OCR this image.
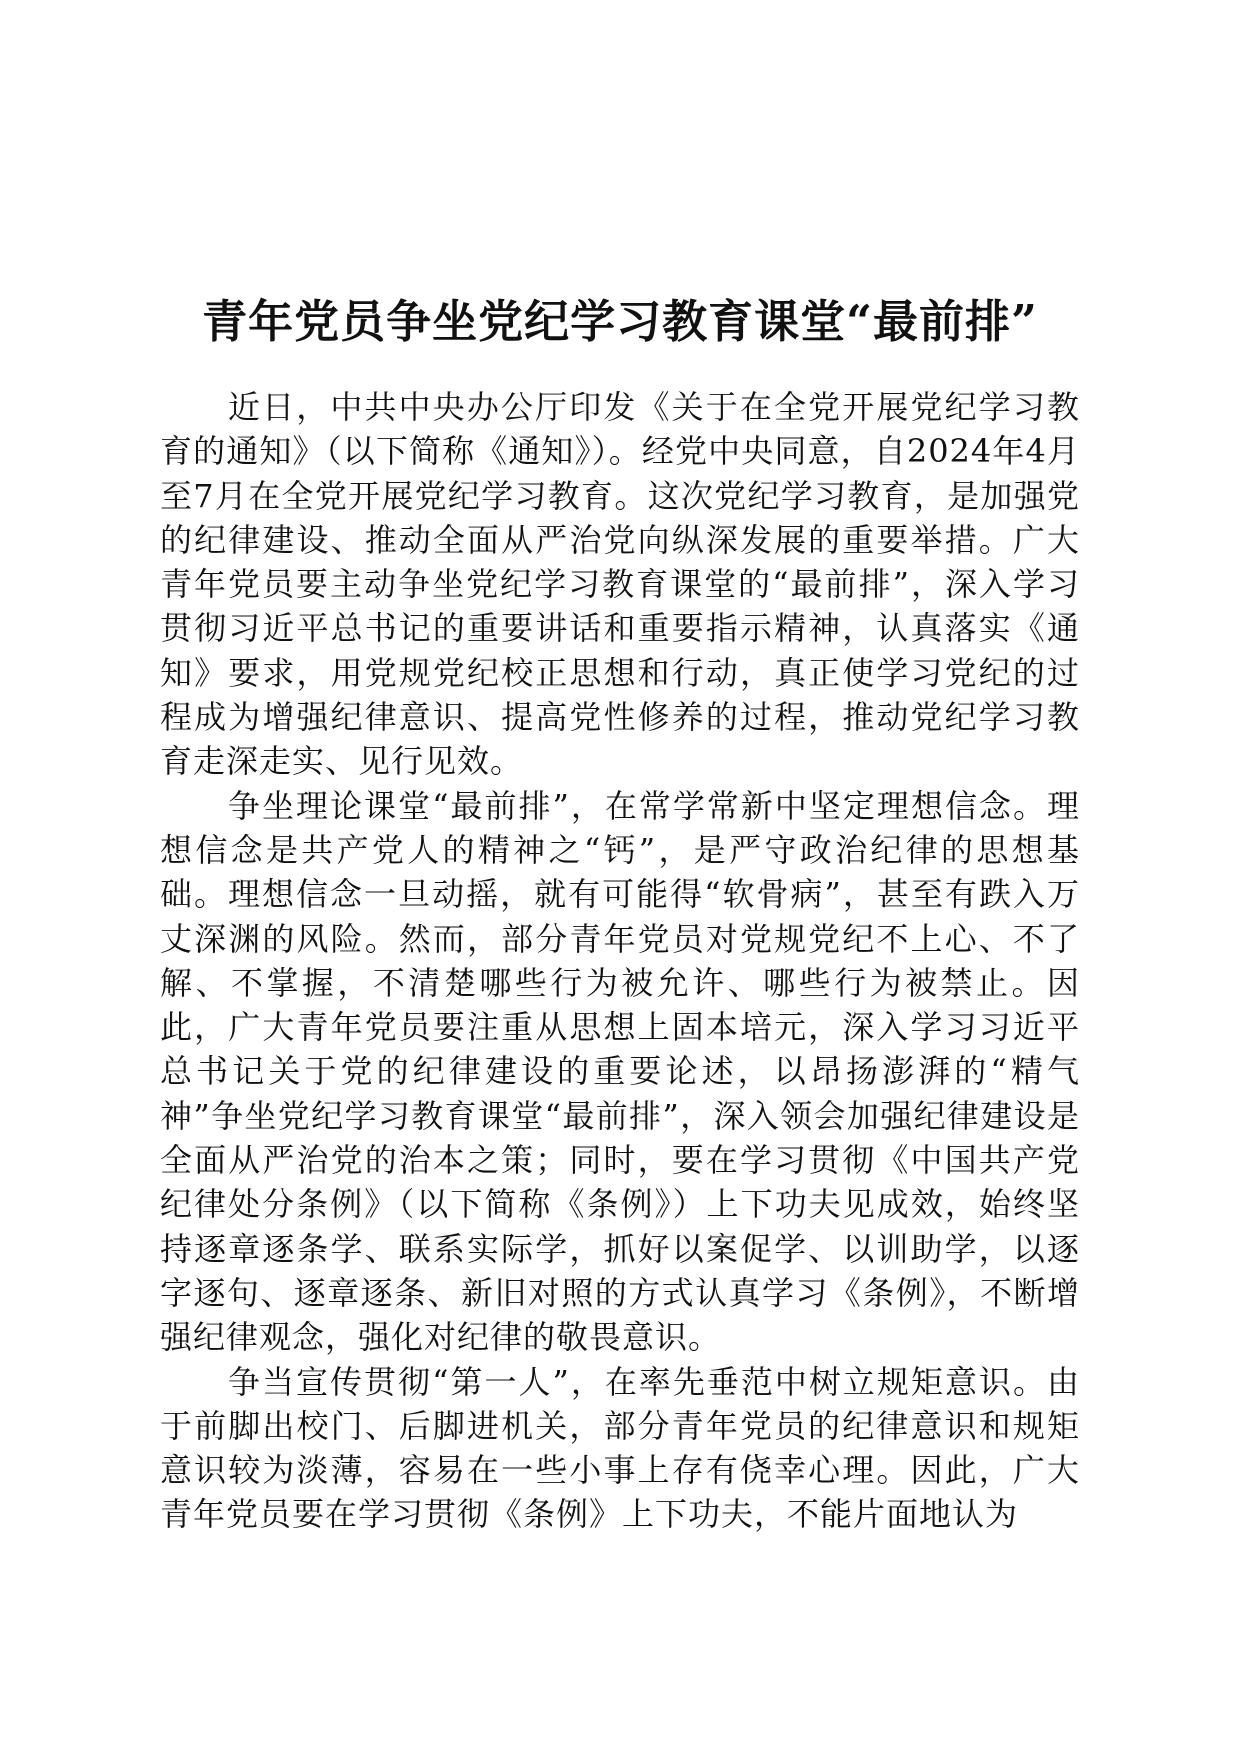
青年党员争坐党纪学习教育课堂“最前排”

近日，中共中央办公厅印发《关于在全党开展党纪学习教育的通知》（以下简称《通知》）。经党中央同意，自2024年4月至7月在全党开展党纪学习教育。这次党纪学习教育，是加强党的纪律建设、推动全面从严治党向纵深发展的重要举措。广大青年党员要主动争坐党纪学习教育课堂的“最前排”，深入学习贯彻习近平总书记的重要讲话和重要指示精神，认真落实《通知》要求，用党规党纪校正思想和行动，真正使学习党纪的过程成为增强纪律意识、提高党性修养的过程，推动党纪学习教育走深走实、见行见效。

争坐理论课堂“最前排”，在常学常新中坚定理想信念。理想信念是共产党人的精神之“钙”，是严守政治纪律的思想基础。理想信念一旦动摇，就有可能得“软骨病”，甚至有跌入万丈深渊的风险。然而，部分青年党员对党规党纪不上心、不了解、不掌握，不清楚哪些行为被允许、哪些行为被禁止。因此，广大青年党员要注重从思想上固本培元，深入学习习近平总书记关于党的纪律建设的重要论述，以昂扬澎湃的“精气神”争坐党纪学习教育课堂“最前排”，深入领会加强纪律建设是全面从严治党的治本之策；同时，要在学习贯彻《中国共产党纪律处分条例》（以下简称《条例》）上下功夫见成效，始终坚持逐章逐条学、联系实际学，抓好以案促学、以训助学，以逐字逐句、逐章逐条、新旧对照的方式认真学习《条例》，不断增强纪律观念，强化对纪律的敬畏意识。

争当宣传贯彻“第一人”，在率先垂范中树立规矩意识。由于前脚出校门、后脚进机关，部分青年党员的纪律意识和规矩意识较为淡薄，容易在一些小事上存有侥幸心理。因此，广大青年党员要在学习贯彻《条例》上下功夫，不能片面地认为
